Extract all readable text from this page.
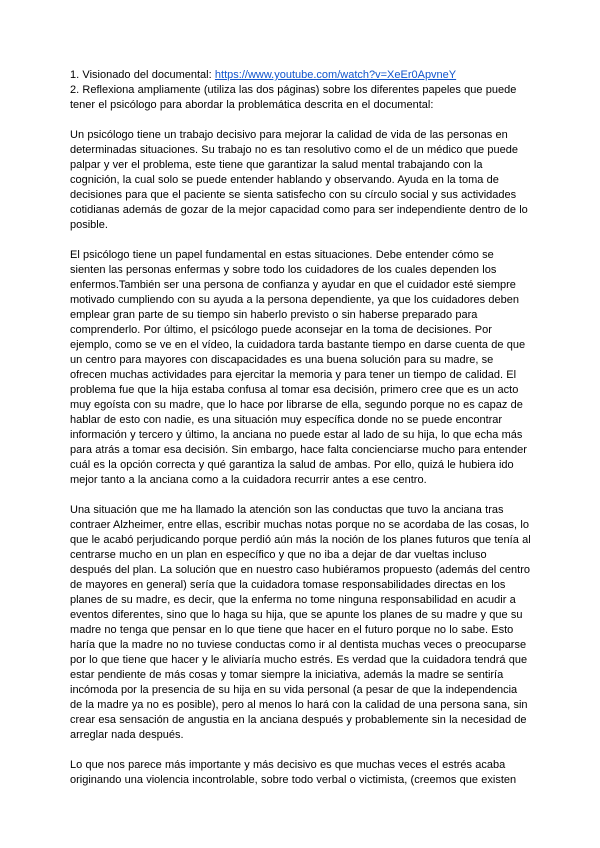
1. Visionado del documental: https://www.youtube.com/watch?v=XeEr0ApvneY

2. Reflexiona ampliamente (utiliza las dos páginas) sobre los diferentes papeles que puede tener el psicólogo para abordar la problemática descrita en el documental:

Un psicólogo tiene un trabajo decisivo para mejorar la calidad de vida de las personas en determinadas situaciones. Su trabajo no es tan resolutivo como el de un médico que puede palpar y ver el problema, este tiene que garantizar la salud mental trabajando con la cognición, la cual solo se puede entender hablando y observando. Ayuda en la toma de decisiones para que el paciente se sienta satisfecho con su círculo social y sus actividades cotidianas además de gozar de la mejor capacidad como para ser independiente dentro de lo posible.

El psicólogo tiene un papel fundamental en estas situaciones. Debe entender cómo se sienten las personas enfermas y sobre todo los cuidadores de los cuales dependen los enfermos.También ser una persona de confianza y ayudar en que el cuidador esté siempre motivado cumpliendo con su ayuda a la persona dependiente, ya que los cuidadores deben emplear gran parte de su tiempo sin haberlo previsto o sin haberse preparado para comprenderlo. Por último, el psicólogo puede aconsejar en la toma de decisiones. Por ejemplo, como se ve en el vídeo, la cuidadora tarda bastante tiempo en darse cuenta de que un centro para mayores con discapacidades es una buena solución para su madre, se ofrecen muchas actividades para ejercitar la memoria y para tener un tiempo de calidad. El problema fue que la hija estaba confusa al tomar esa decisión, primero cree que es un acto muy egoísta con su madre, que lo hace por librarse de ella, segundo porque no es capaz de hablar de esto con nadie, es una situación muy específica donde no se puede encontrar información y tercero y último, la anciana no puede estar al lado de su hija, lo que echa más para atrás a tomar esa decisión. Sin embargo, hace falta concienciarse mucho para entender cuál es la opción correcta y qué garantiza la salud de ambas. Por ello, quizá le hubiera ido mejor tanto a la anciana como a la cuidadora recurrir antes a ese centro.

Una situación que me ha llamado la atención son las conductas que tuvo la anciana tras contraer Alzheimer, entre ellas, escribir muchas notas porque no se acordaba de las cosas, lo que le acabó perjudicando porque perdió aún más la noción de los planes futuros que tenía al centrarse mucho en un plan en específico y que no iba a dejar de dar vueltas incluso después del plan. La solución que en nuestro caso hubiéramos propuesto (además del centro de mayores en general) sería que la cuidadora tomase responsabilidades directas en los planes de su madre, es decir, que la enferma no tome ninguna responsabilidad en acudir a eventos diferentes, sino que lo haga su hija, que se apunte los planes de su madre y que su madre no tenga que pensar en lo que tiene que hacer en el futuro porque no lo sabe. Esto haría que la madre no no tuviese conductas como ir al dentista muchas veces o preocuparse por lo que tiene que hacer y le aliviaría mucho estrés. Es verdad que la cuidadora tendrá que estar pendiente de más cosas y tomar siempre la iniciativa, además la madre se sentiría incómoda por la presencia de su hija en su vida personal (a pesar de que la independencia de la madre ya no es posible), pero al menos lo hará con la calidad de una persona sana, sin crear esa sensación de angustia en la anciana después y probablemente sin la necesidad de arreglar nada después.

Lo que nos parece más importante y más decisivo es que muchas veces el estrés acaba originando una violencia incontrolable, sobre todo verbal o victimista, (creemos que existen
